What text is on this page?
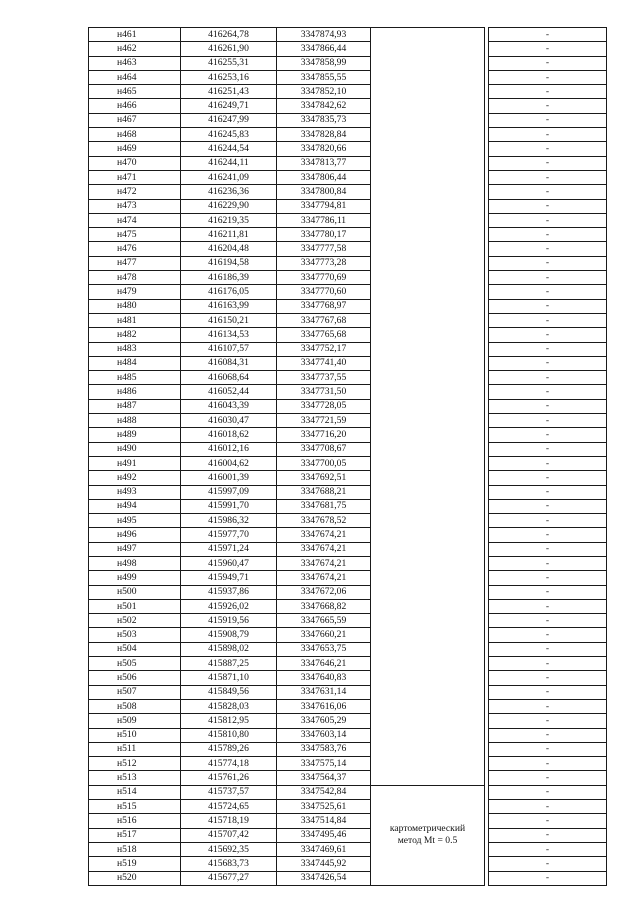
н461	416264,78	3347874,93			-
н462	416261,90	3347866,44			-
н463	416255,31	3347858,99			-
н464	416253,16	3347855,55			-
н465	416251,43	3347852,10			-
н466	416249,71	3347842,62			-
н467	416247,99	3347835,73			-
н468	416245,83	3347828,84			-
н469	416244,54	3347820,66			-
н470	416244,11	3347813,77			-
н471	416241,09	3347806,44			-
н472	416236,36	3347800,84			-
н473	416229,90	3347794,81			-
н474	416219,35	3347786,11			-
н475	416211,81	3347780,17			-
н476	416204,48	3347777,58			-
н477	416194,58	3347773,28			-
н478	416186,39	3347770,69			-
н479	416176,05	3347770,60			-
н480	416163,99	3347768,97			-
н481	416150,21	3347767,68			-
н482	416134,53	3347765,68			-
н483	416107,57	3347752,17			-
н484	416084,31	3347741,40			-
н485	416068,64	3347737,55			-
н486	416052,44	3347731,50			-
н487	416043,39	3347728,05			-
н488	416030,47	3347721,59			-
н489	416018,62	3347716,20			-
н490	416012,16	3347708,67			-
н491	416004,62	3347700,05			-
н492	416001,39	3347692,51			-
н493	415997,09	3347688,21			-
н494	415991,70	3347681,75			-
н495	415986,32	3347678,52			-
н496	415977,70	3347674,21			-
н497	415971,24	3347674,21			-
н498	415960,47	3347674,21			-
н499	415949,71	3347674,21			-
н500	415937,86	3347672,06			-
н501	415926,02	3347668,82			-
н502	415919,56	3347665,59			-
н503	415908,79	3347660,21			-
н504	415898,02	3347653,75			-
н505	415887,25	3347646,21			-
н506	415871,10	3347640,83			-
н507	415849,56	3347631,14			-
н508	415828,03	3347616,06			-
н509	415812,95	3347605,29			-
н510	415810,80	3347603,14			-
н511	415789,26	3347583,76			-
н512	415774,18	3347575,14			-
н513	415761,26	3347564,37			-
н514	415737,57	3347542,84	картометрический
метод Mt = 0.5		-
н515	415724,65	3347525,61			-
н516	415718,19	3347514,84			-
н517	415707,42	3347495,46			-
н518	415692,35	3347469,61			-
н519	415683,73	3347445,92			-
н520	415677,27	3347426,54			-
